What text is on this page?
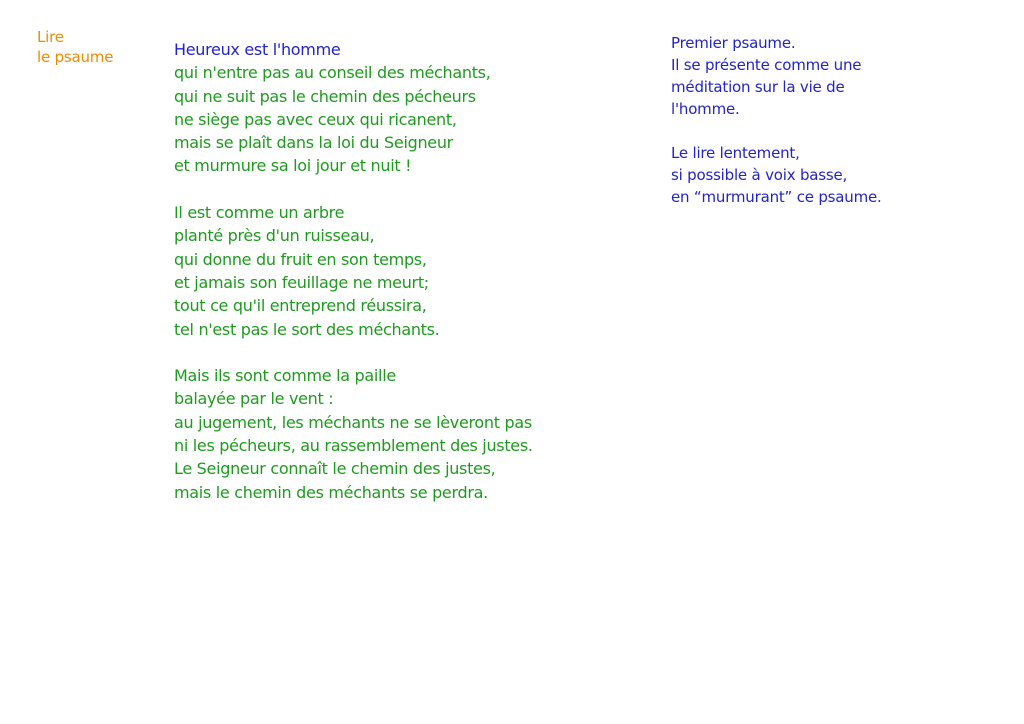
Lire
le psaume	Heureux est l'homme
qui n'entre pas au conseil des méchants,
qui ne suit pas le chemin des pécheurs
ne siège pas avec ceux qui ricanent,
mais se plaît dans la loi du Seigneur
et murmure sa loi jour et nuit !
Il est comme un arbre
planté près d'un ruisseau,
qui donne du fruit en son temps,
et jamais son feuillage ne meurt;
tout ce qu'il entreprend réussira,
tel n'est pas le sort des méchants.
Mais ils sont comme la paille
balayée par le vent :
au jugement, les méchants ne se lèveront pas
ni les pécheurs, au rassemblement des justes.
Le Seigneur connaît le chemin des justes,
mais le chemin des méchants se perdra.
Premier psaume.
Il se présente comme une
méditation sur la vie de
l'homme.
Le lire lentement,
si possible à voix basse,
en “murmurant” ce psaume.
